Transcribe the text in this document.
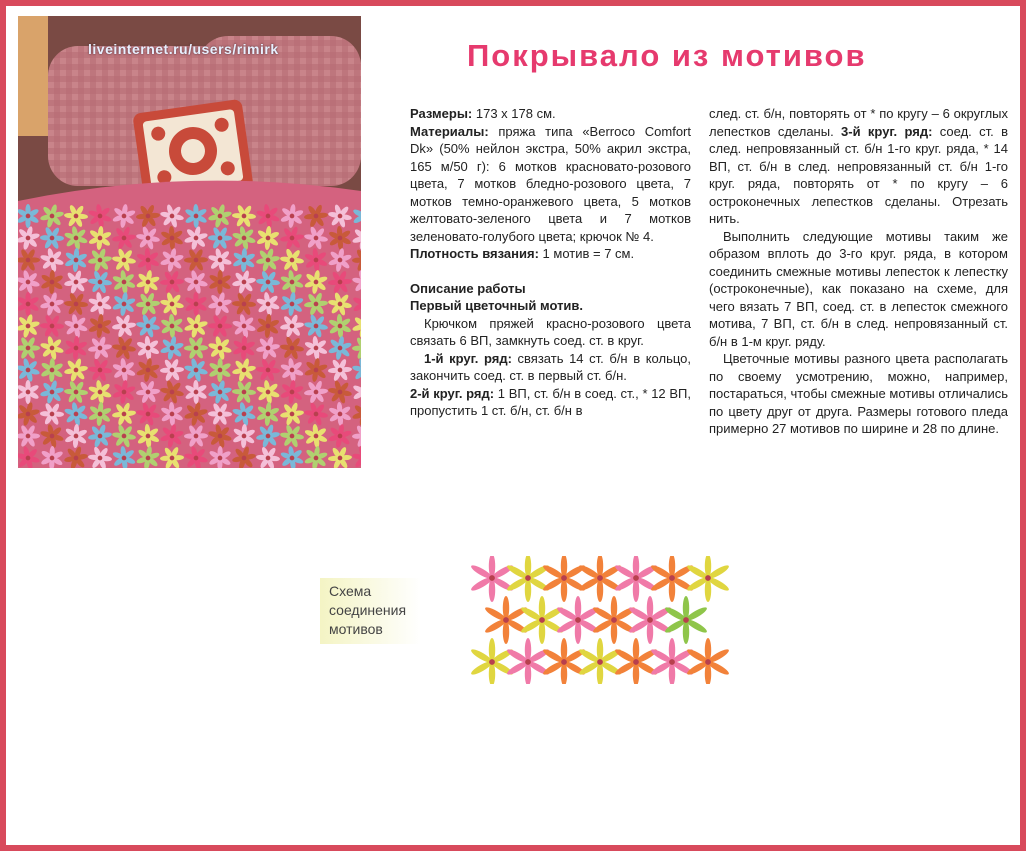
liveinternet.ru/users/rimirk	Покрывало из мотивов

Размеры: 173 х 178 см.

Материалы: пряжа типа «Berroco Comfort Dk» (50% нейлон экстра, 50% акрил экстра, 165 м/50 г): 6 мотков красновато-розового цвета, 7 мотков бледно-розового цвета, 7 мотков темно-оранжевого цвета, 5 мотков желтовато-зеленого цвета и 7 мотков зеленовато-голубого цвета; крючок № 4.

Плотность вязания: 1 мотив = 7 см.

Описание работы

Первый цветочный мотив.

Крючком пряжей красно-розового цвета связать 6 ВП, замкнуть соед. ст. в круг.

1-й круг. ряд: связать 14 ст. б/н в кольцо, закончить соед. ст. в первый ст. б/н.

2-й круг. ряд: 1 ВП, ст. б/н в соед. ст., * 12 ВП, пропустить 1 ст. б/н, ст. б/н в

след. ст. б/н, повторять от * по кругу – 6 округлых лепестков сделаны. 3-й круг. ряд: соед. ст. в след. непровязанный ст. б/н 1-го круг. ряда, * 14 ВП, ст. б/н в след. непровязанный ст. б/н 1-го круг. ряда, повторять от * по кругу – 6 остроконечных лепестков сделаны. Отрезать нить.

Выполнить следующие мотивы таким же образом вплоть до 3-го круг. ряда, в котором соединить смежные мотивы лепесток к лепестку (остроконечные), как показано на схеме, для чего вязать 7 ВП, соед. ст. в лепесток смежного мотива, 7 ВП, ст. б/н в след. непровязанный ст. б/н в 1-м круг. ряду.

Цветочные мотивы разного цвета располагать по своему усмотрению, можно, например, постараться, чтобы смежные мотивы отличались по цвету друг от друга. Размеры готового пледа примерно 27 мотивов по ширине и 28 по длине.

Схема
соединения
мотивов
